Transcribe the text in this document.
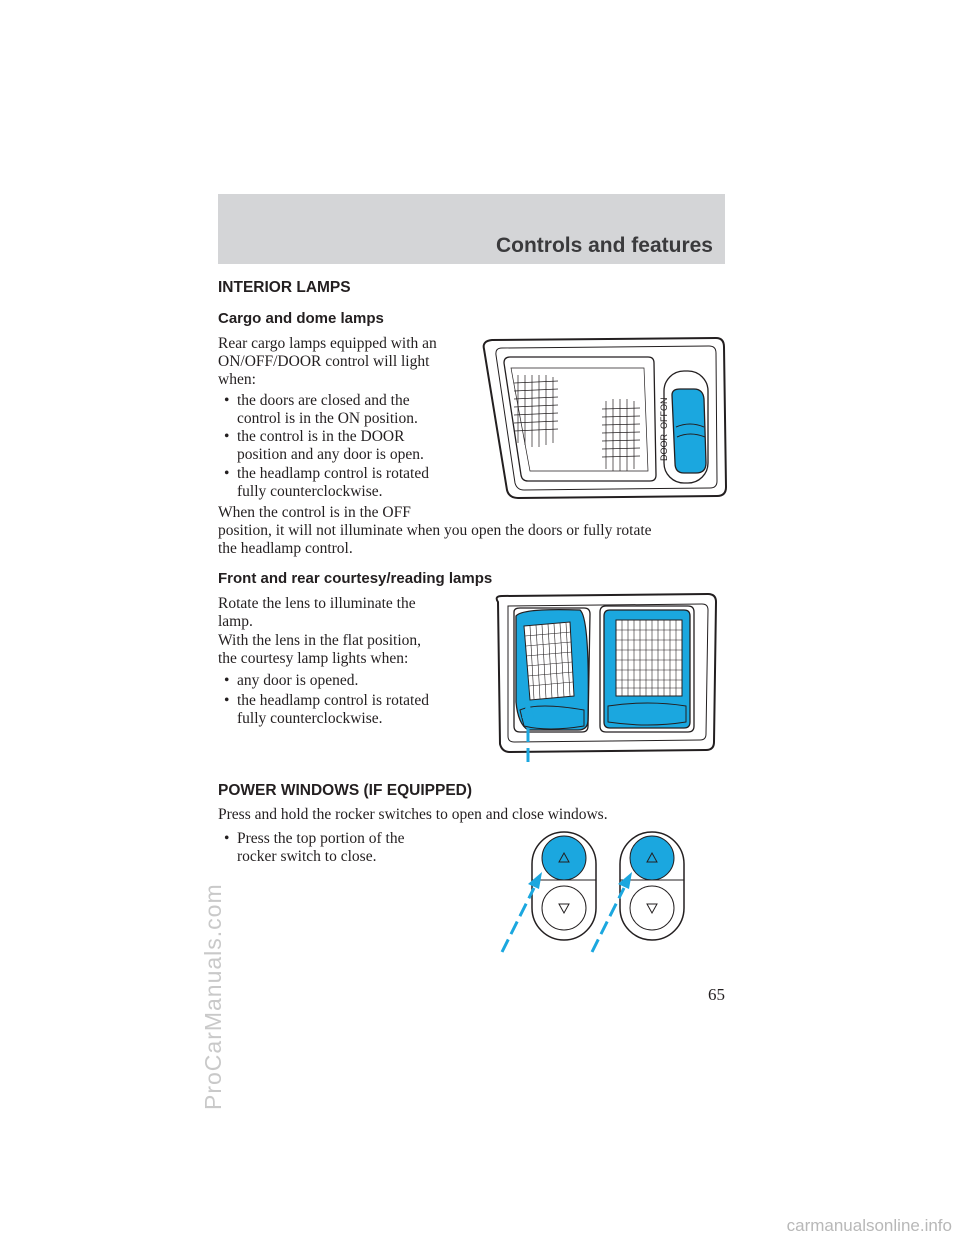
Controls and features
INTERIOR LAMPS
Cargo and dome lamps
Rear cargo lamps equipped with an
ON/OFF/DOOR control will light
when:
• the doors are closed and the
control is in the ON position.
• the control is in the DOOR
position and any door is open.
• the headlamp control is rotated
fully counterclockwise.
When the control is in the OFF
position, it will not illuminate when you open the doors or fully rotate
the headlamp control.
DOOR
OFF
ON
Front and rear courtesy/reading lamps
Rotate the lens to illuminate the
lamp.
With the lens in the flat position,
the courtesy lamp lights when:
• any door is opened.
• the headlamp control is rotated
fully counterclockwise.
POWER WINDOWS (IF EQUIPPED)
Press and hold the rocker switches to open and close windows.
• Press the top portion of the
rocker switch to close.
65
ProCarManuals.com
carmanualsonline.info
